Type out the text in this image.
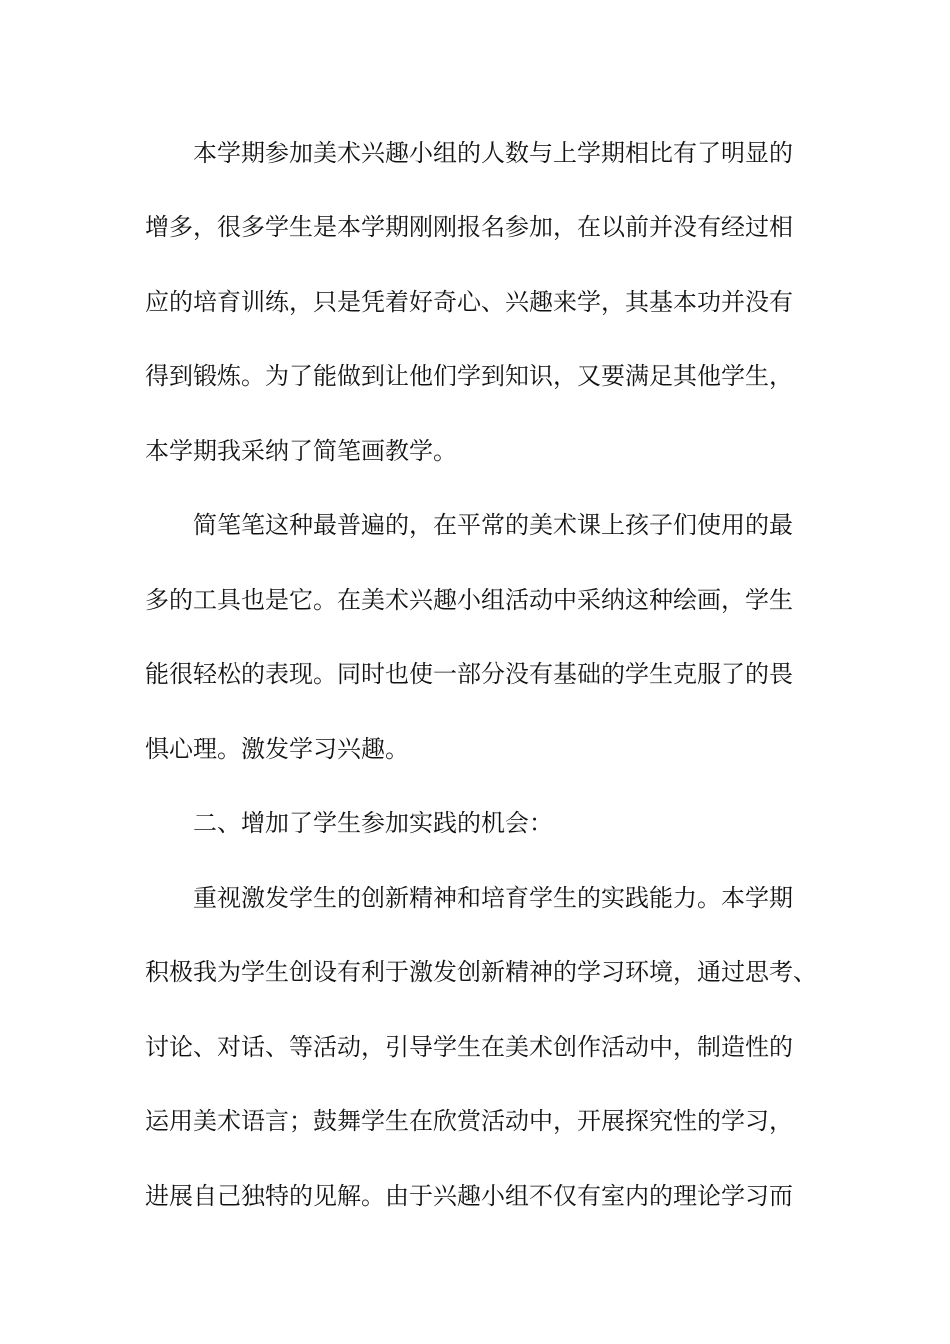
本学期参加美术兴趣小组的人数与上学期相比有了明显的
增多，很多学生是本学期刚刚报名参加，在以前并没有经过相
应的培育训练，只是凭着好奇心、兴趣来学，其基本功并没有
得到锻炼。为了能做到让他们学到知识，又要满足其他学生，
本学期我采纳了简笔画教学。
简笔笔这种最普遍的，在平常的美术课上孩子们使用的最
多的工具也是它。在美术兴趣小组活动中采纳这种绘画，学生
能很轻松的表现。同时也使一部分没有基础的学生克服了的畏
惧心理。激发学习兴趣。
二、增加了学生参加实践的机会：
重视激发学生的创新精神和培育学生的实践能力。本学期
积极我为学生创设有利于激发创新精神的学习环境，通过思考、
讨论、对话、等活动，引导学生在美术创作活动中，制造性的
运用美术语言；鼓舞学生在欣赏活动中，开展探究性的学习，
进展自己独特的见解。由于兴趣小组不仅有室内的理论学习而
